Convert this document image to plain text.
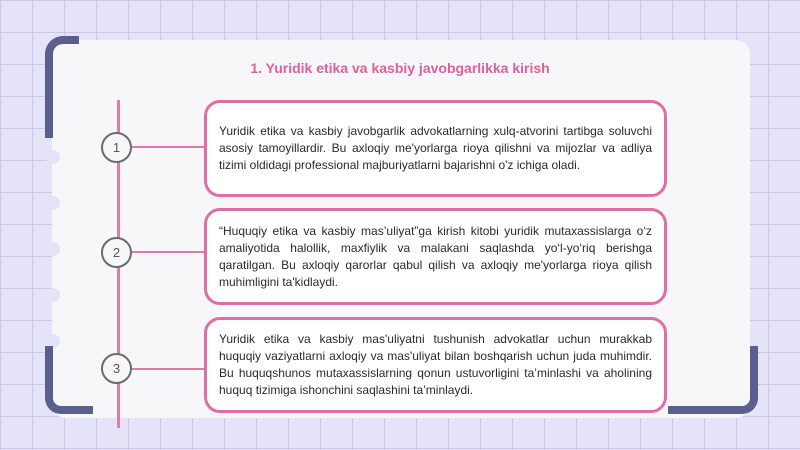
1. Yuridik etika va kasbiy javobgarlikka kirish
1
Yuridik etika va kasbiy javobgarlik advokatlarning xulq-atvorini tartibga soluvchi asosiy tamoyillardir. Bu axloqiy me'yorlarga rioya qilishni va mijozlar va adliya tizimi oldidagi professional majburiyatlarni bajarishni o'z ichiga oladi.
2
“Huquqiy etika va kasbiy mas’uliyat”ga kirish kitobi yuridik mutaxassislarga o‘z amaliyotida halollik, maxfiylik va malakani saqlashda yo‘l-yo‘riq berishga qaratilgan. Bu axloqiy qarorlar qabul qilish va axloqiy me'yorlarga rioya qilish muhimligini ta'kidlaydi.
3
Yuridik etika va kasbiy mas'uliyatni tushunish advokatlar uchun murakkab huquqiy vaziyatlarni axloqiy va mas'uliyat bilan boshqarish uchun juda muhimdir. Bu huquqshunos mutaxassislarning qonun ustuvorligini ta’minlashi va aholining huquq tizimiga ishonchini saqlashini ta’minlaydi.
